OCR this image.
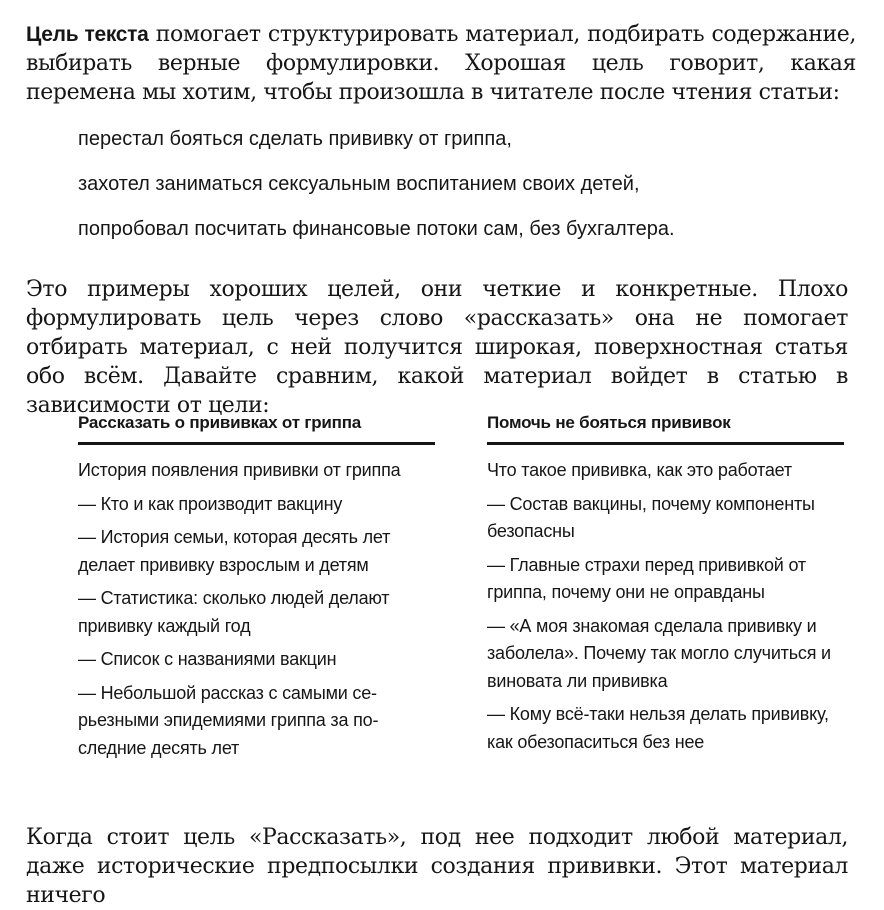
Цель текста помогает структурировать материал, подбирать содержание, выбирать верные формулировки. Хорошая цель говорит, какая перемена мы хотим, чтобы произошла в читателе после чтения статьи:

перестал бояться сделать прививку от гриппа,
захотел заниматься сексуальным воспитанием своих детей,
попробовал посчитать финансовые потоки сам, без бухгалтера.

Это примеры хороших целей, они четкие и конкретные. Плохо формулировать цель через слово «рассказать» она не помогает отбирать материал, с ней получится широкая, поверхностная статья обо всём. Давайте сравним, какой материал войдет в статью в зависимости от цели:

Рассказать о прививках от гриппа
История появления прививки от гриппа
— Кто и как производит вакцину
— История семьи, которая десять лет делает прививку взрослым и детям
— Статистика: сколько людей делают прививку каждый год
— Список с названиями вакцин
— Небольшой рассказ с самыми серьезными эпидемиями гриппа за последние десять лет
Помочь не бояться прививок
Что такое прививка, как это работает
— Состав вакцины, почему компоненты безопасны
— Главные страхи перед прививкой от гриппа, почему они не оправданы
— «А моя знакомая сделала прививку и заболела». Почему так могло случиться и виновата ли прививка
— Кому всё-таки нельзя делать прививку, как обезопаситься без нее

Когда стоит цель «Рассказать», под нее подходит любой материал, даже исторические предпосылки создания прививки. Этот материал ничего
